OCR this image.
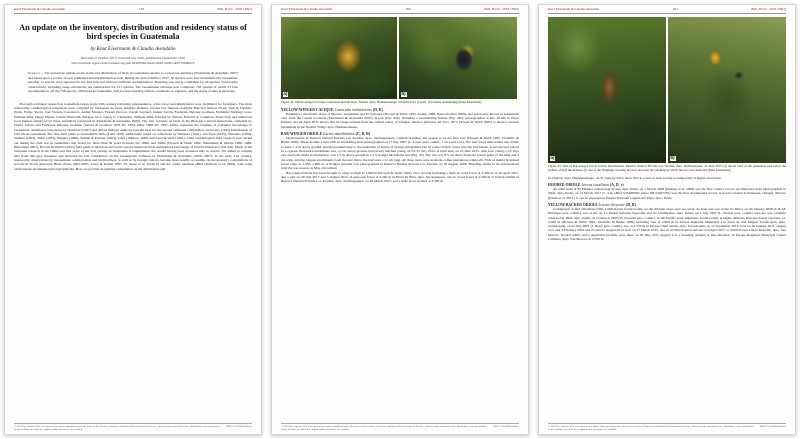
Knut Eisermann & Claudia Avendaño	148	Bull. B.O.C. 2018 138(3)
An update on the inventory, distribution and residency status of bird species in Guatemala
by Knut Eisermann & Claudia Avendaño
Received 27 October 2017; revised 8 July 2018; published 24 September 2018
http://zoobank.org/urn:lsid:zoobank.org:pub:91985C64-5A4A-4D87-A685-CE877334B673
Summary.—We present an update on the status and distribution of birds in Guatemala relative to a previous summary (Eisermann & Avendaño 2007) and based upon a review of new published and unpublished records. During the period 2006 to 2017, 50 species were first documented in Guatemala. Another 11 species were reported for the first time but without verifiable documentation. Breeding was newly confirmed for 58 species. Noteworthy observations, including range extensions, are summarised for 131 species. The Guatemalan avifauna now comprises 758 species of which 23 lack documentation. Of the 758 species, 509 breed in Guatemala, 240 are non-breeding visitors, transients or vagrants, and the status of nine is uncertain.

Thorough avifaunal research in Guatemala began in the 19th century following independence, when travel and immigration were facilitated for foreigners. The most noteworthy ornithological collections were compiled by Velásquez de León, Adolphe Delattre, George Ure Skinner, Adolphe Boucard, Robert Owen, Juan & Cipriano Prado, Felipe Sierra, José Vicente Constancio, Arthur Morelet, Florent Prevost, Joseph Leyland, Osbert Salvin, Frederick DuCane Godman, Nathaniel Stickney Goss, William Wild, Henry Hague, Gustav Bernoulli, Enrique Arce, Georg C. Champion, William Wild, Edward W. Nelson, Edward A. Goldman, Franz Sarg and numerous local hunters employed by these naturalists (reviewed in Eisermann & Avendaño 2006). The four volumes on birds in the Biologia Centrali-Americana, compiled by Osbert Salvin and Frederick DuCane Godman (Salvin & Godman 1879–87, 1879–1904, 1888–97, 1897–1904), represent the baseline of avifaunal knowledge in Guatemala. Additional collections by Dearborn (1907) and Alfred Webster Anthony laid the base for the second avifaunal compilation, Griscom's (1932) Distribution of bird life in Guatemala. The first field guide to Guatemalan birds (Land 1970) additionally relied on collections by Wetmore (1941), van Tyne (1935), Saunders (1950), Tashian (1953), Tallet (1955), Baepler (1962), Smithe & Paynter (1963), Land (1962a,b, 1963) and Land & Wolf (1961). Little ornithological field research was carried out during the civil war in Guatemala that lasted for more than 30 years between the 1960s and 1990s (Howell & Webb 1992, Wendelken & Martin 1986, 1988, Hutterman 2007). Howell & Webb's (1995) field guide to Mexican and north Central American birds summarised knowledge of bird distribution to that date. Much of the avifaunal research in the 1990s and first years of the 21st century in Guatemala is unpublished, the results having been scattered only in reports. We aimed to compile data from this grey literature and included the last compilation on the Guatemalan avifauna by Eisermann & Avendaño (2006, 2007). In the early 21st century, noteworthy observations by Guatemalan ornithologists and birdwatchers, as well as by foreign visitors, became more readily accessible via the quarterly compilations of records in North American Birds (Jones 2002–2005, Jones & Komar 2007–15, Jones et al. 2016a,b) and the online database eBird (Sullivan et al. 2009), with some observations documented photographically. Here we provide an updated compilation on the distribution and

© 2018 The Authors; This is an open-access article distributed under the terms of the Creative Commons Attribution-NonCommercial Licence, which permits unrestricted use, distribution, and reproduction in any medium, provided the original author and source are credited.
ISSN-2513-9894 (Online)
Knut Eisermann & Claudia Avendaño	200	Bull. B.O.C. 2018 138(3)
a)	b)
Figure 42. Yellow-winged Cacique Cassiculus melanicterus, Nentón, dpto. Huehuetenango, 28 April 2015 (a) pair; (b) female nestbuilding (Knut Eisermann)
YELLOW-WINGED CACIQUE Cassiculus melanicterus (D, R)

Endemic to the Pacific slope of Mexico, Guatemala and El Salvador (Howell & Webb 1995, Komar 1998, Ibarra Portillo 2009), and previously known in Guatemala only from the coastal lowlands (Eisermann & Avendaño 2007). A pair (Fig. 42a), including a nestbuilding female (Fig. 42b), photographed at Río Jordán in Finca Primero del 28 April 2015 shows that its range extends from the central valley of Chiapas, Mexico (Alvarez del Toro 1971, Howell & Webb 1995) to interior western Guatemala in the Nentón Valley, dpto. Huehuetenango.

BAR-WINGED ORIOLE Icterus maculialatus (C, D, R)

Observations in Reserva Natural Privada Los Tarrales, dpto. Suchitepéquez, confirm breeding and appear to be the first ever (Howell & Webb 1995, Jaramillo & Burke 1999). These include a nest with an incubating male photographed on 17 July 2007 (C. López pers. comm., J. de León Lux). The nest was a thin-walled cup of thin rootlets, c.2 m above ground, attached pendulously to the underside of leaves of an Inga micheliana tree by some rootlets 'sewn' into the leaf blades. A second nest placed in a cypress Nectandra lundelliana tree, 2.5 m above ground, held newly hatched young on 23–25 July 2012. A third nest, on 10 June 2015, with four young, c.10 days old, and both adults in attendance, was 1.7 m above ground in a 2.5 m Inga micheliana tree (Fig. 43). The cup was 8.5 cm deep (from the lowest point of the rim) and 5 cm wide, and the longest attachments from the nest rim to the leaf were c.11 cm long. All three nests were in shade-coffee plantations within 20–70 m of humid broadleaf forest edge, at 1,350–1,600 m. A fledged juvenile was photographed in Reserva Natural Privada Los Tarrales on 30 August 2009. Breeding seems to be synchronised with the wet season, in May–November.

Bar-winged Oriole has been thought to range as high as 1,800 m (Howell & Webb 1995). New records including a male in cloud forest at 2,400 m on 26 April 2017, and a pair on 29 July 2017 and 5 August 2012, in pine-oak forest at 2,200 m in Finca El Pilar, dpto. Sacatepéquez, one in cloud forest at 2,500 m at Volcán Atitlán in Reserva Natural Privada Los Tarrales, dpto. Suchitepéquez, on 29 March 2015, and a male in an orchard at 2,300 m

© 2018 The Authors; This is an open-access article distributed under the terms of the Creative Commons Attribution-NonCommercial Licence, which permits unrestricted use, distribution, and reproduction in any medium, provided the original author and source are credited.
ISSN-2513-9894 (Online)
Knut Eisermann & Claudia Avendaño	201	Bull. B.O.C. 2018 138(3)
a)	b)
Figure 43. Nest of Bar-winged Oriole Icterus maculialatus, Reserva Natural Privada Los Tarrales, dpto. Suchitepéquez, 10 June 2015: (a) lateral view of the pendulous nest below the leaflets of Inga micheliana; (b) one of the fledglings securing the nest, showing the stitching by which the nest was anchored (Knut Eisermann)

in Chiabal, dpto. Huehuetenango, on 31 January 2015, show that it occurs at least locally or temporally at higher elevations.

HOODED ORIOLE Icterus cucullatus (A, D, r)

An adult male at El Mirador archaeological site, dpto. Petén, on 1 March 2008 (Budney et al. 2008) was the first country record. An immature male photographed in Tikal, dpto. Petén, on 13 March 2017 (C. Lin, eBird S35480320; photo ML53497781) was the first documented record. A recent colonist in Palenque, Chiapas, Mexico (Patten et al. 2011), it can be expected in Parque Nacional Laguna del Tigre, dpto. Petén.

YELLOW-BACKED ORIOLE Icterus chrysater (D, R)

Commonest at mid elevations (500–1,500 m) but found locally on the Atlantic slope near sea level. At least one was at the río Dulce on 29 January 2008 (J. & M. Hubinger pers. comm.), two at the río La Pasión between Sayaxché and río Usumacinta, dpto. Petén, on 5 July 1965 (L. Warren pers. comm.) and one was carefully observed in Tikal, dpto. Petén, on 14 March 1993 (W. Nozadal pers. comm.). In the Pacific slope highlands, found locally at higher altitudes than previously reported, i.e. 2,500 m (Howell & Webb 1995, Jaramillo & Burke 1999) including four at 2,900 m in Parque Regional Municipal Los Altos de San Miguel Totonicapán, dpto. Totonicapán, on 22 July 2001 (J. Berry pers. comm.), two at 2,750 m in Parque Chuli Siwan, dpto. Totonicapán, on 12 September 2014, four on 16 January 2011, singles on 2 and 4 February 2012 and 25 and 27 August 2014, four on 27 March 2015, one on 23 March 2016 and six on 8 April 2017 at 3,000 m near Unión Reforma, dpto. San Marcos. Several adults and a dependent juvenile were there on 30 June 2015 suggest it is a breeding resident at that elevation. In Parque Regional Municipal Cuatro Caminos, dpto. San Marcos, at 2,700 m

© 2018 The Authors; This is an open-access article distributed under the terms of the Creative Commons Attribution-NonCommercial Licence, which permits unrestricted use, distribution, and reproduction in any medium, provided the original author and source are credited.
ISSN-2513-9894 (Online)
